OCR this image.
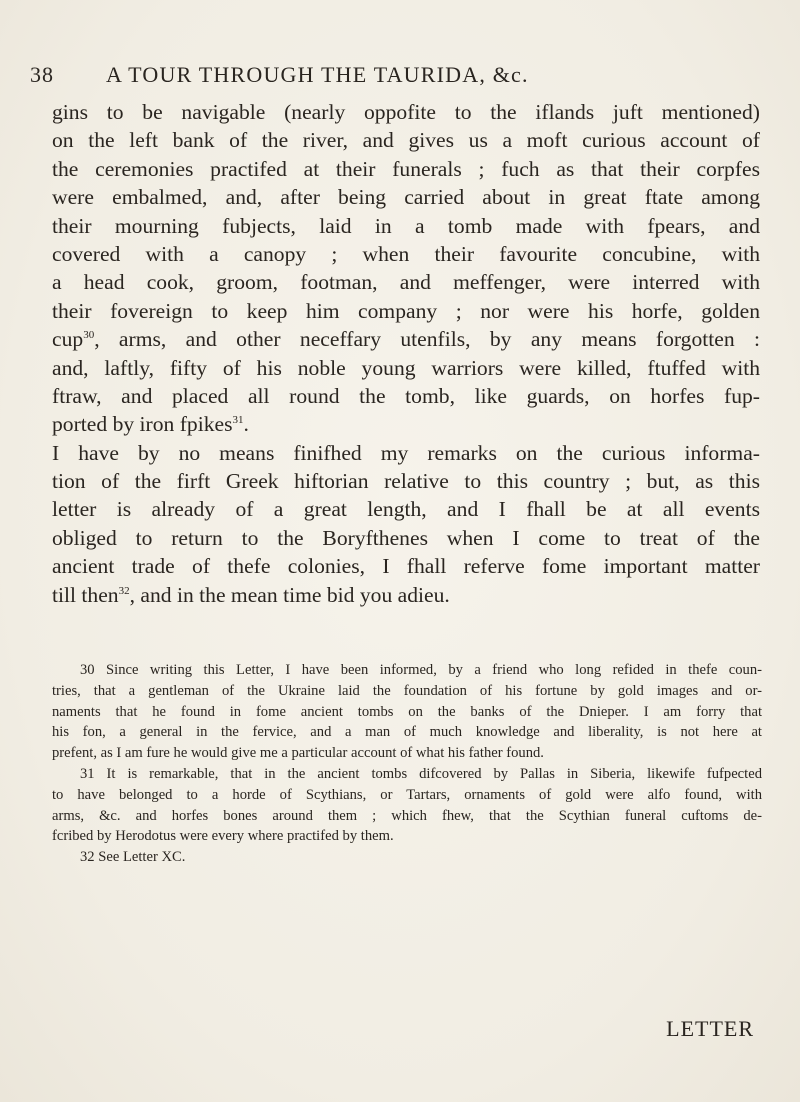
38 A TOUR THROUGH THE TAURIDA, &c.
gins to be navigable (nearly oppofite to the iflands juft mentioned)
on the left bank of the river, and gives us a moft curious account of
the ceremonies practifed at their funerals ; fuch as that their corpfes
were embalmed, and, after being carried about in great ftate among
their mourning fubjects, laid in a tomb made with fpears, and
covered with a canopy ; when their favourite concubine, with
a head cook, groom, footman, and meffenger, were interred with
their fovereign to keep him company ; nor were his horfe, golden
cup$^{30}$, arms, and other neceffary utenfils, by any means forgotten :
and, laftly, fifty of his noble young warriors were killed, ftuffed with
ftraw, and placed all round the tomb, like guards, on horfes fup-
ported by iron fpikes$^{31}$.
I have by no means finifhed my remarks on the curious informa-
tion of the firft Greek hiftorian relative to this country ; but, as this
letter is already of a great length, and I fhall be at all events
obliged to return to the Boryfthenes when I come to treat of the
ancient trade of thefe colonies, I fhall referve fome important matter
till then$^{32}$, and in the mean time bid you adieu.
30 Since writing this Letter, I have been informed, by a friend who long refided in thefe coun-
tries, that a gentleman of the Ukraine laid the foundation of his fortune by gold images and or-
naments that he found in fome ancient tombs on the banks of the Dnieper. I am forry that
his fon, a general in the fervice, and a man of much knowledge and liberality, is not here at
prefent, as I am fure he would give me a particular account of what his father found.
31 It is remarkable, that in the ancient tombs difcovered by Pallas in Siberia, likewife fufpected
to have belonged to a horde of Scythians, or Tartars, ornaments of gold were alfo found, with
arms, &c. and horfes bones around them ; which fhew, that the Scythian funeral cuftoms de-
fcribed by Herodotus were every where practifed by them.
32 See Letter XC.
LETTER
